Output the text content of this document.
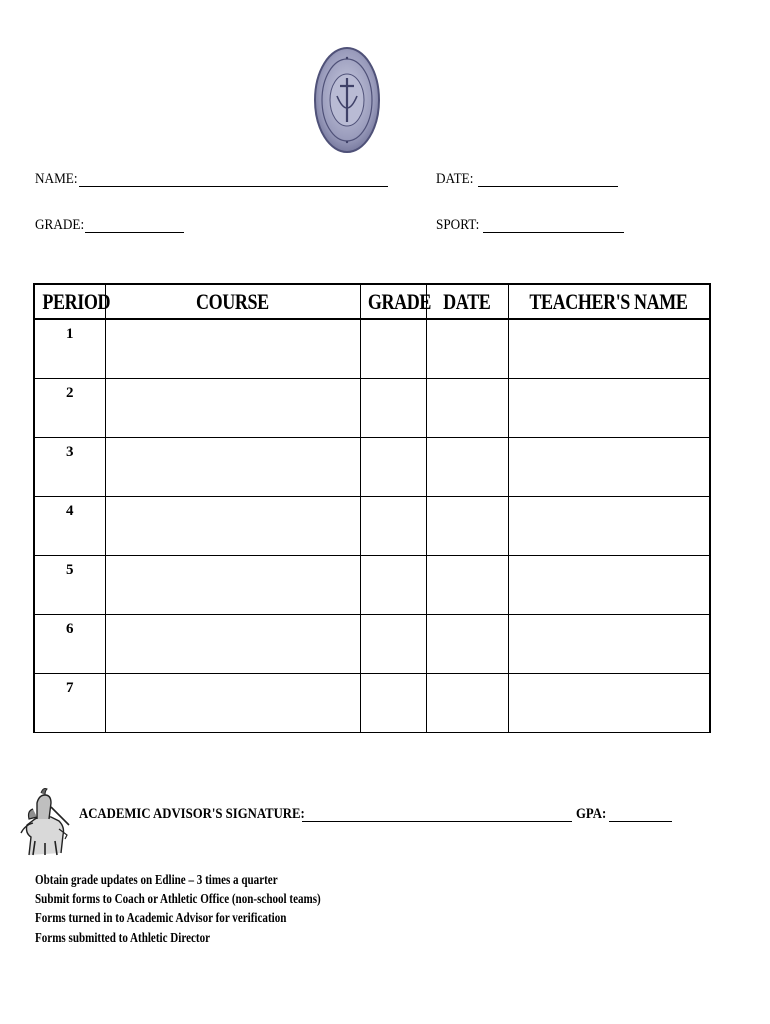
NAME:	DATE:
GRADE:	SPORT:
PERIOD	COURSE	GRADE	DATE	TEACHER'S NAME
1				
2				
3				
4				
5				
6				
7				
ACADEMIC ADVISOR'S SIGNATURE:	GPA:
Obtain grade updates on Edline – 3 times a quarter
Submit forms to Coach or Athletic Office (non-school teams)
Forms turned in to Academic Advisor for verification
Forms submitted to Athletic Director
